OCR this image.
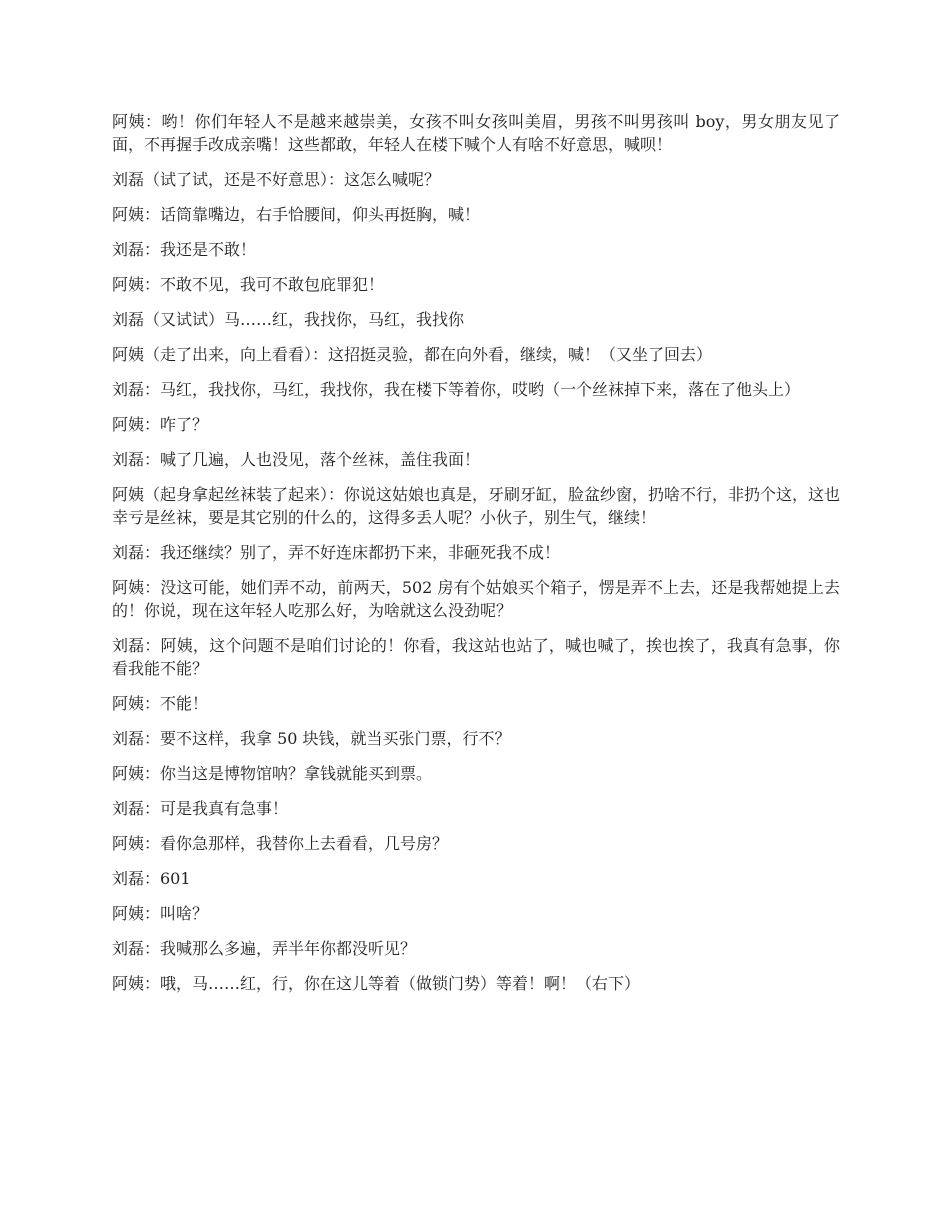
阿姨：哟！你们年轻人不是越来越崇美，女孩不叫女孩叫美眉，男孩不叫男孩叫 boy，男女朋友见了面，不再握手改成亲嘴！这些都敢，年轻人在楼下喊个人有啥不好意思，喊呗！

刘磊（试了试，还是不好意思）：这怎么喊呢？

阿姨：话筒靠嘴边，右手恰腰间，仰头再挺胸，喊！

刘磊：我还是不敢！

阿姨：不敢不见，我可不敢包庇罪犯！

刘磊（又试试）马……红，我找你，马红，我找你

阿姨（走了出来，向上看看）：这招挺灵验，都在向外看，继续，喊！（又坐了回去）

刘磊：马红，我找你，马红，我找你，我在楼下等着你，哎哟（一个丝袜掉下来，落在了他头上）

阿姨：咋了？

刘磊：喊了几遍，人也没见，落个丝袜，盖住我面！

阿姨（起身拿起丝袜装了起来）：你说这姑娘也真是，牙刷牙缸，脸盆纱窗，扔啥不行，非扔个这，这也幸亏是丝袜，要是其它别的什么的，这得多丢人呢？小伙子，别生气，继续！

刘磊：我还继续？别了，弄不好连床都扔下来，非砸死我不成！

阿姨：没这可能，她们弄不动，前两天，502 房有个姑娘买个箱子，愣是弄不上去，还是我帮她提上去的！你说，现在这年轻人吃那么好，为啥就这么没劲呢？

刘磊：阿姨，这个问题不是咱们讨论的！你看，我这站也站了，喊也喊了，挨也挨了，我真有急事，你看我能不能？

阿姨：不能！

刘磊：要不这样，我拿 50 块钱，就当买张门票，行不？

阿姨：你当这是博物馆呐？拿钱就能买到票。

刘磊：可是我真有急事！

阿姨：看你急那样，我替你上去看看，几号房？

刘磊：601

阿姨：叫啥？

刘磊：我喊那么多遍，弄半年你都没听见？

阿姨：哦，马……红，行，你在这儿等着（做锁门势）等着！啊！（右下）
